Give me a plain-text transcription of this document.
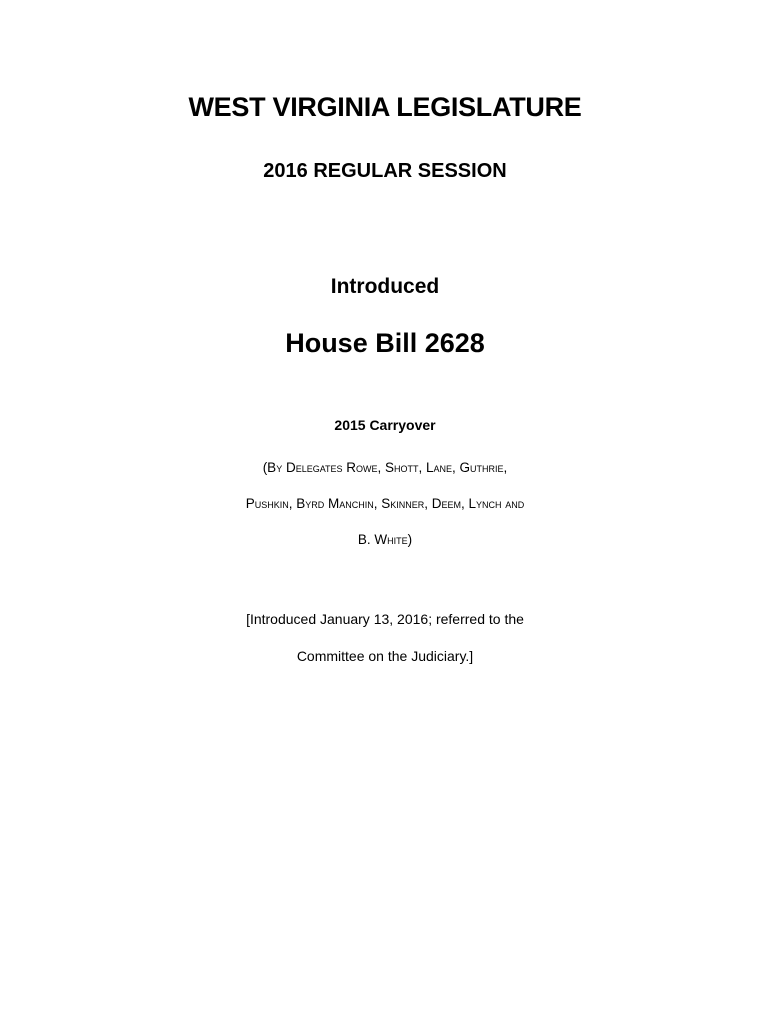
WEST VIRGINIA LEGISLATURE
2016 REGULAR SESSION
Introduced
House Bill 2628
2015 Carryover
(By Delegates Rowe, Shott, Lane, Guthrie,
Pushkin, Byrd Manchin, Skinner, Deem, Lynch and
B. White)
[Introduced January 13, 2016; referred to the
Committee on the Judiciary.]
